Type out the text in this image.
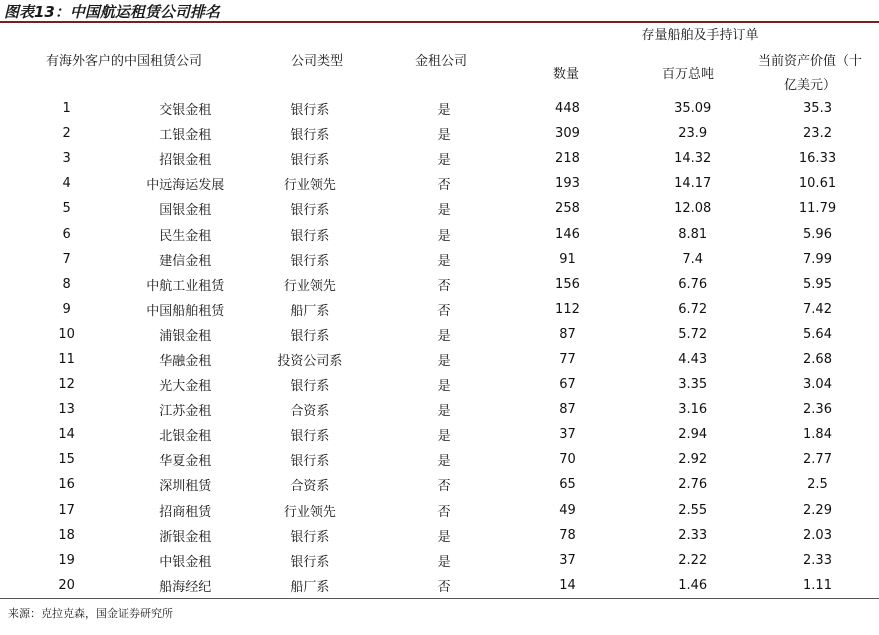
图表13：中国航运租赁公司排名
存量船舶及手持订单
有海外客户的中国租赁公司	公司类型	金租公司
数量	百万总吨
当前资产价值（十
亿美元）
1	交银金租	银行系	是	448	35.09	35.3
2	工银金租	银行系	是	309	23.9	23.2
3	招银金租	银行系	是	218	14.32	16.33
4	中远海运发展	行业领先	否	193	14.17	10.61
5	国银金租	银行系	是	258	12.08	11.79
6	民生金租	银行系	是	146	8.81	5.96
7	建信金租	银行系	是	91	7.4	7.99
8	中航工业租赁	行业领先	否	156	6.76	5.95
9	中国船舶租赁	船厂系	否	112	6.72	7.42
10	浦银金租	银行系	是	87	5.72	5.64
11	华融金租	投资公司系	是	77	4.43	2.68
12	光大金租	银行系	是	67	3.35	3.04
13	江苏金租	合资系	是	87	3.16	2.36
14	北银金租	银行系	是	37	2.94	1.84
15	华夏金租	银行系	是	70	2.92	2.77
16	深圳租赁	合资系	否	65	2.76	2.5
17	招商租赁	行业领先	否	49	2.55	2.29
18	浙银金租	银行系	是	78	2.33	2.03
19	中银金租	银行系	是	37	2.22	2.33
20	船海经纪	船厂系	否	14	1.46	1.11
来源：克拉克森，国金证券研究所
